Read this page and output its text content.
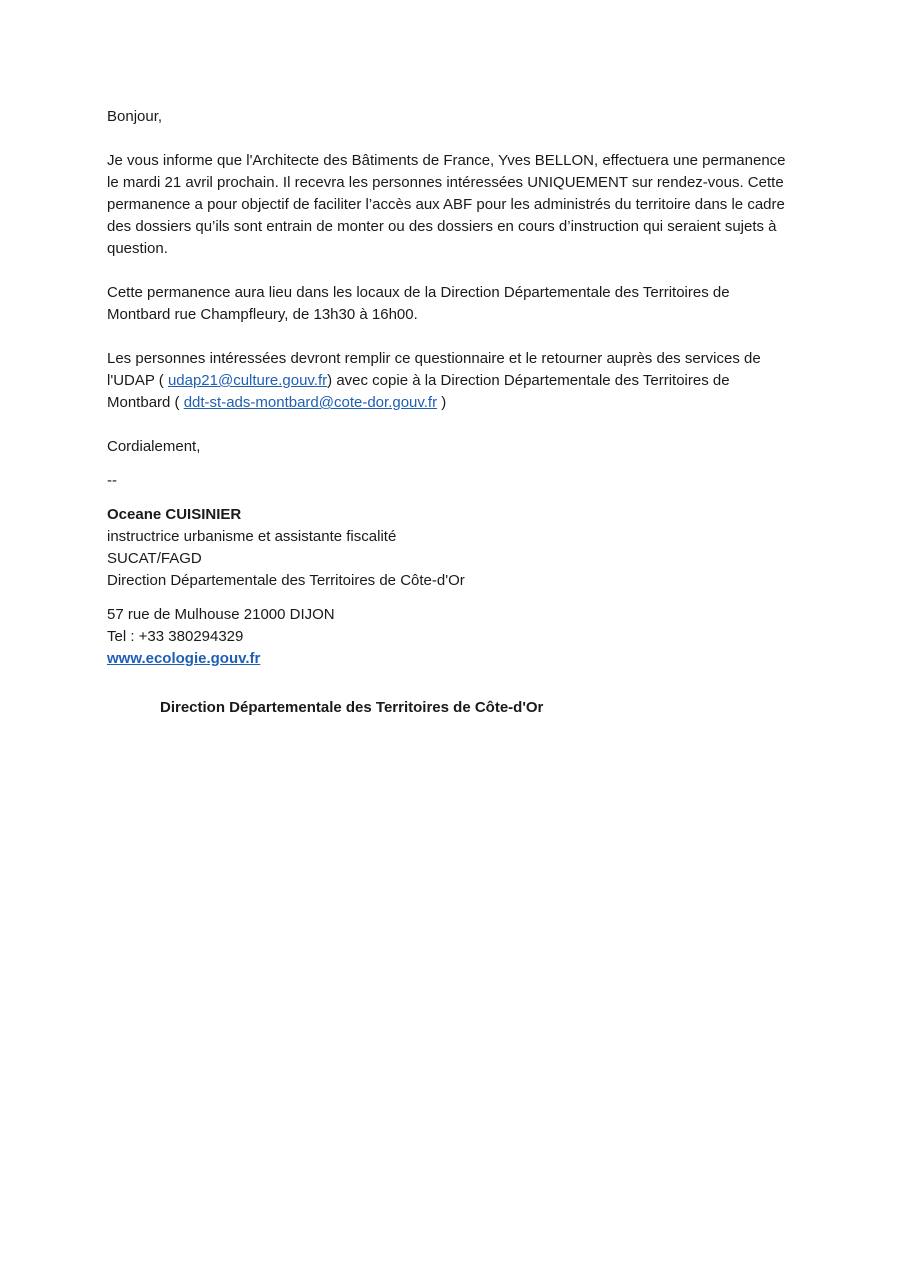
Bonjour,

Je vous informe que l'Architecte des Bâtiments de France, Yves BELLON, effectuera une permanence le mardi 21 avril prochain. Il recevra les personnes intéressées UNIQUEMENT sur rendez-vous. Cette permanence a pour objectif de faciliter l’accès aux ABF pour les administrés du territoire dans le cadre des dossiers qu’ils sont entrain de monter ou des dossiers en cours d’instruction qui seraient sujets à question.

Cette permanence aura lieu dans les locaux de la Direction Départementale des Territoires de Montbard rue Champfleury, de 13h30 à 16h00.

Les personnes intéressées devront remplir ce questionnaire et le retourner auprès des services de l'UDAP ( udap21@culture.gouv.fr) avec copie à la Direction Départementale des Territoires de Montbard ( ddt-st-ads-montbard@cote-dor.gouv.fr )

Cordialement,

--

Oceane CUISINIER
instructrice urbanisme et assistante fiscalité
SUCAT/FAGD
Direction Départementale des Territoires de Côte-d'Or
57 rue de Mulhouse 21000 DIJON
Tel : +33 380294329
www.ecologie.gouv.fr
Direction Départementale des Territoires de Côte-d'Or
